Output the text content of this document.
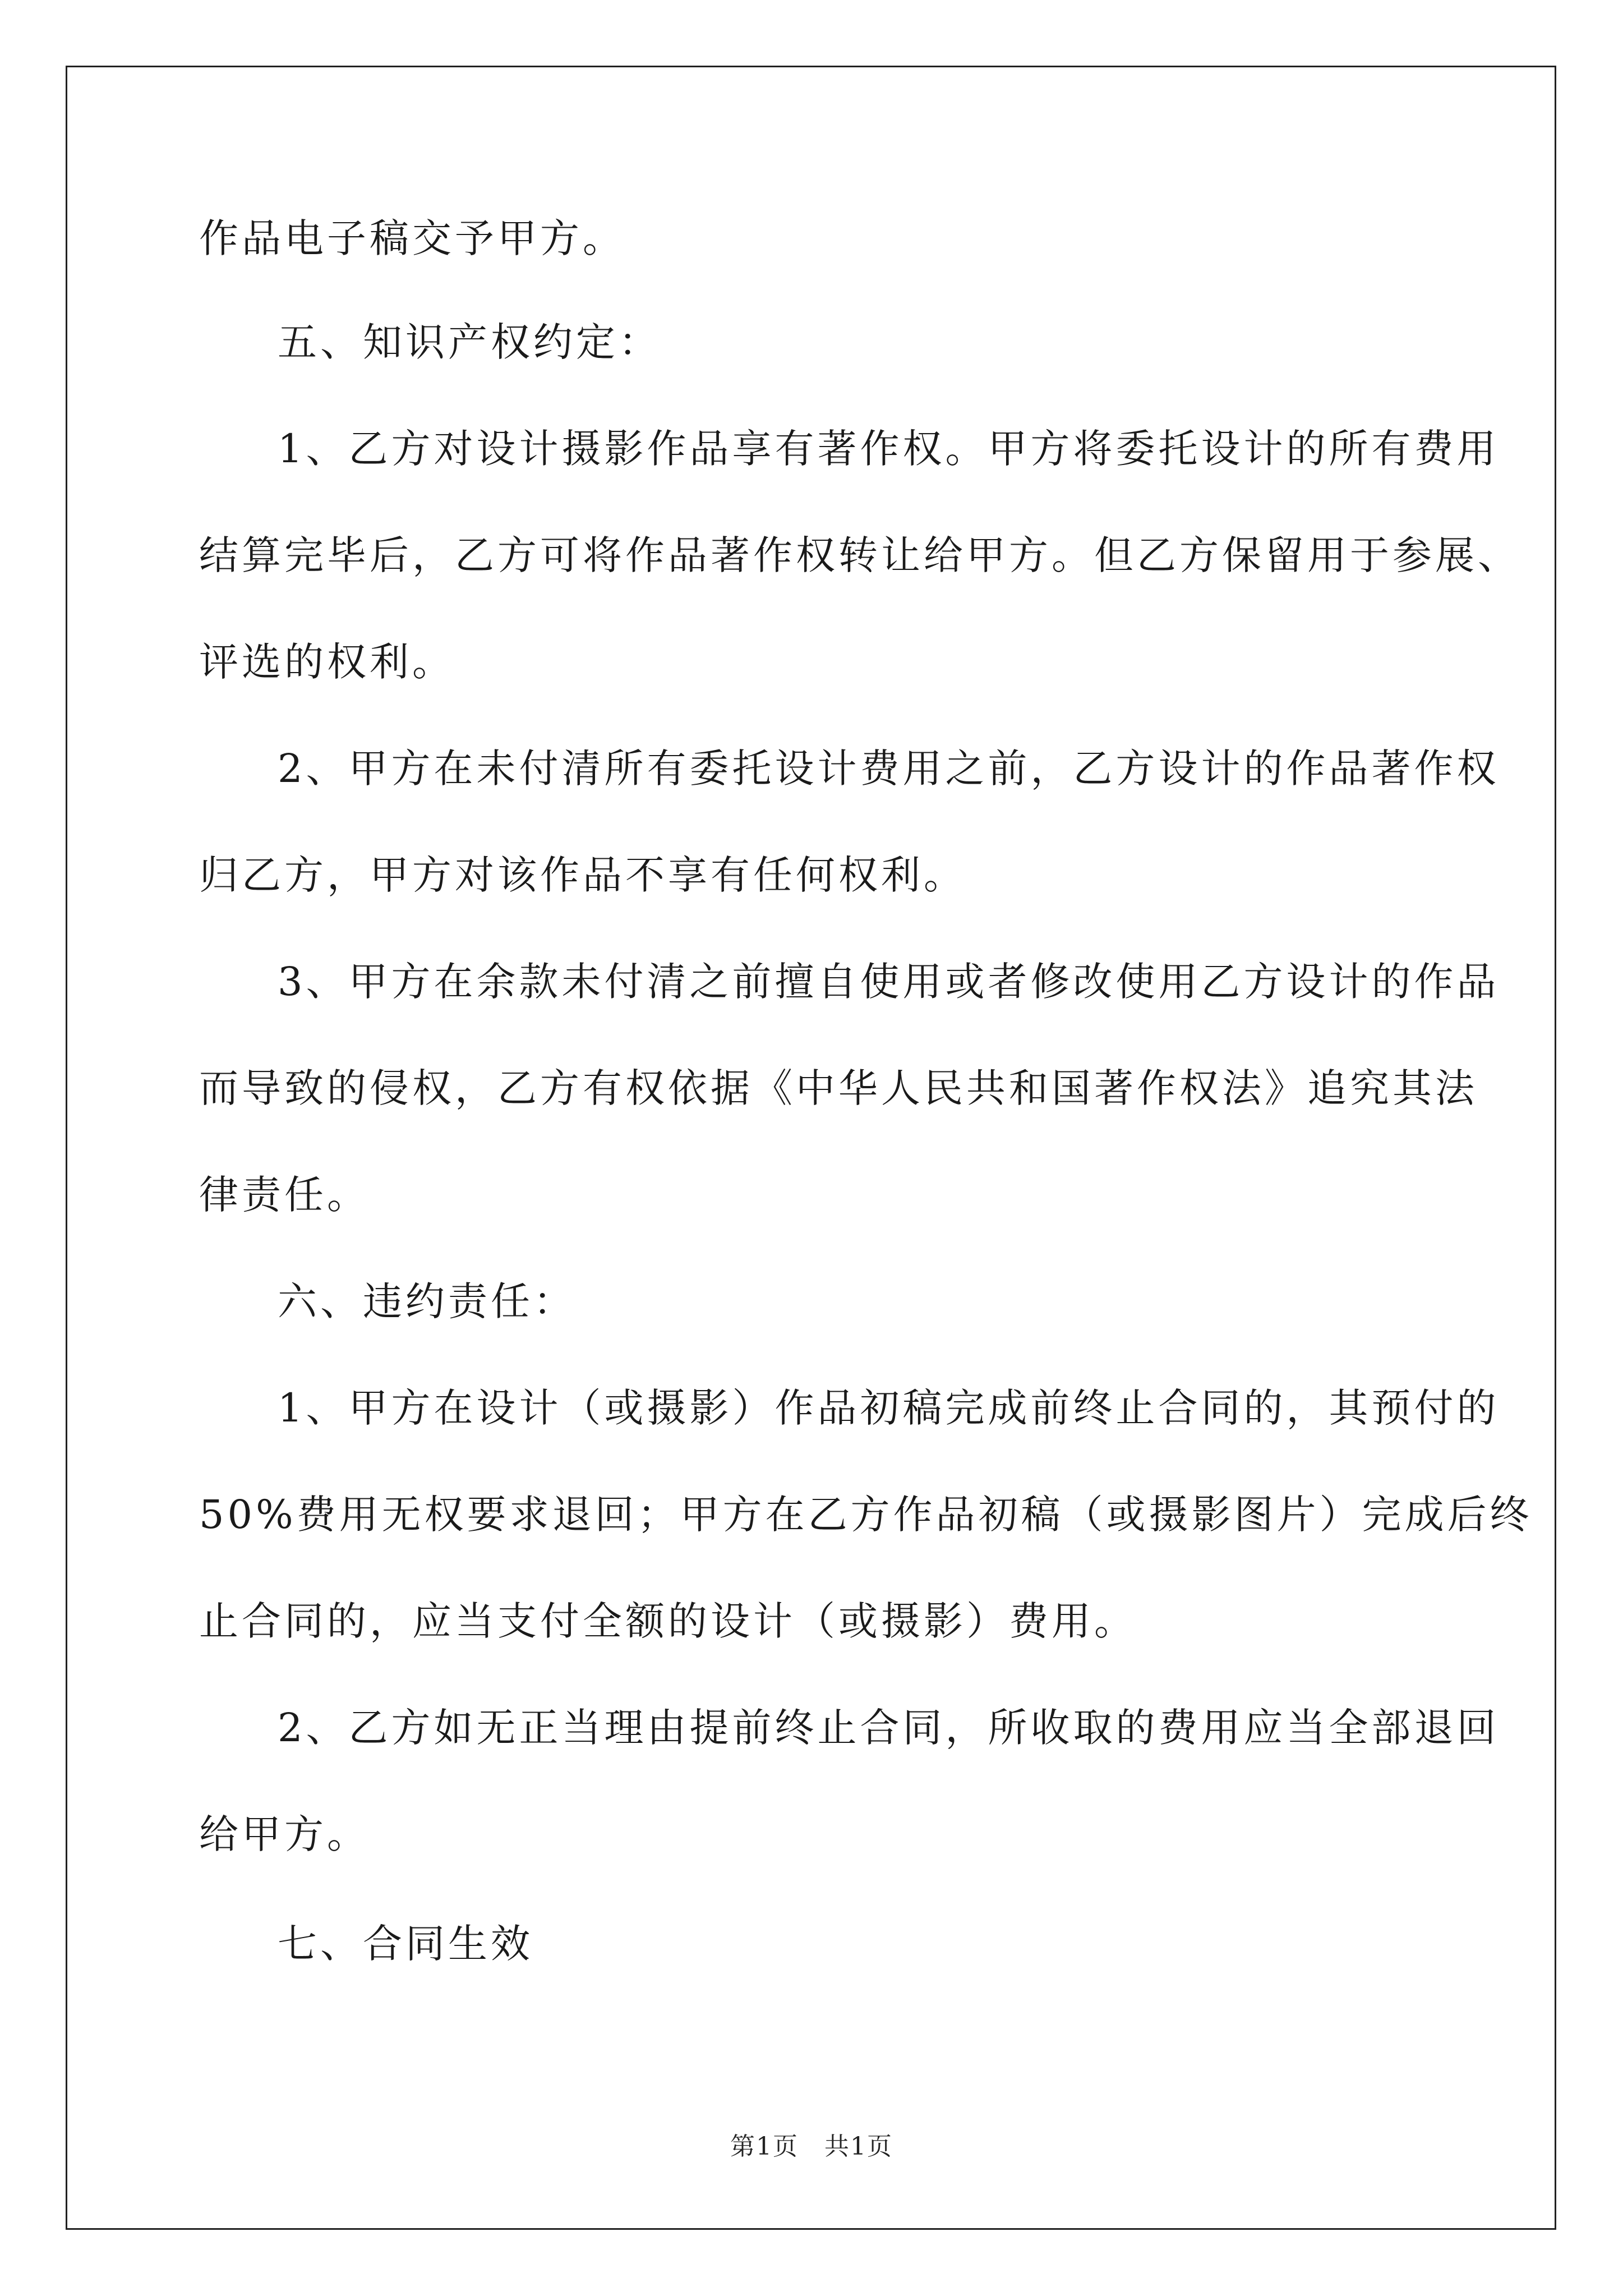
作品电子稿交予甲方。
五、知识产权约定：
1、乙方对设计摄影作品享有著作权。甲方将委托设计的所有费用
结算完毕后，乙方可将作品著作权转让给甲方。但乙方保留用于参展、
评选的权利。
2、甲方在未付清所有委托设计费用之前，乙方设计的作品著作权
归乙方，甲方对该作品不享有任何权利。
3、甲方在余款未付清之前擅自使用或者修改使用乙方设计的作品
而导致的侵权，乙方有权依据《中华人民共和国著作权法》追究其法
律责任。
六、违约责任：
1、甲方在设计（或摄影）作品初稿完成前终止合同的，其预付的
50%费用无权要求退回；甲方在乙方作品初稿（或摄影图片）完成后终
止合同的，应当支付全额的设计（或摄影）费用。
2、乙方如无正当理由提前终止合同，所收取的费用应当全部退回
给甲方。
七、合同生效
第1页　共1页
